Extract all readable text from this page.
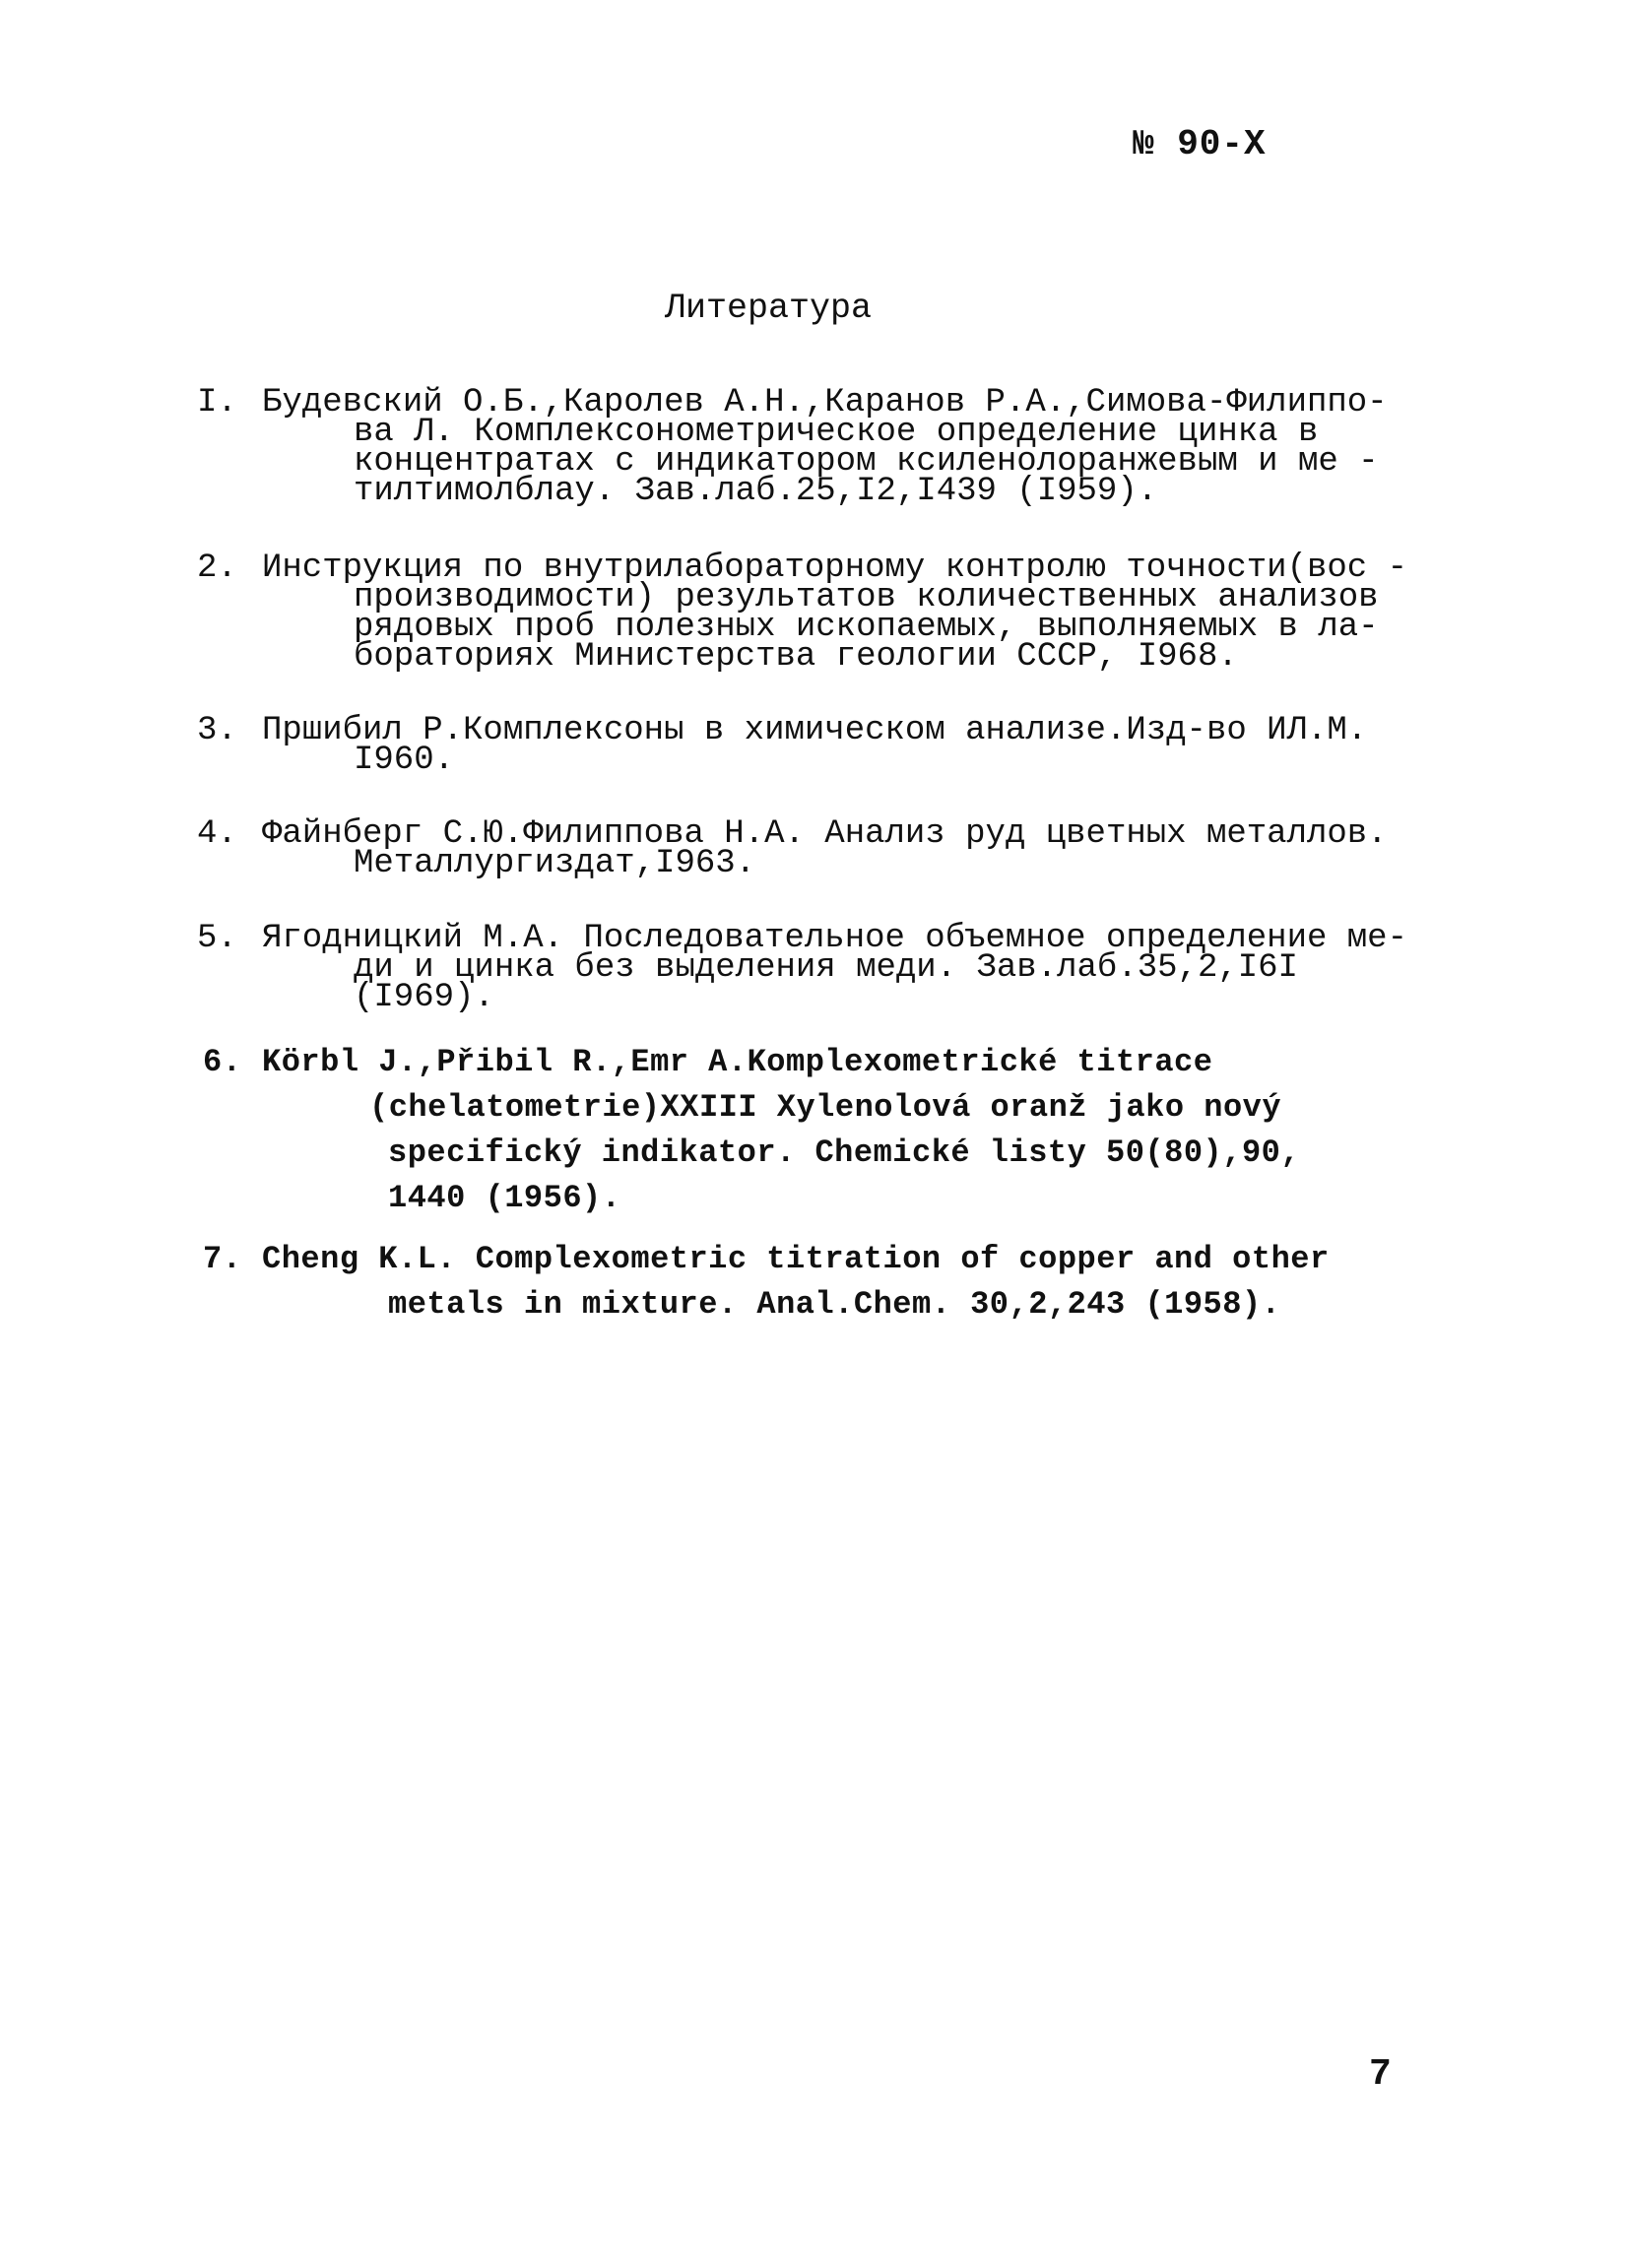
№ 90-Х
Литература
I. Будевский О.Б.,Каролев А.Н.,Каранов Р.А.,Симова-Филиппо-
ва Л. Комплексонометрическое определение цинка в
концентратах с индикатором ксиленолоранжевым и ме -
тилтимолблау. Зав.лаб.25,I2,I439 (I959).
2. Инструкция по внутрилабораторному контролю точности(вос -
производимости) результатов количественных анализов
рядовых проб полезных ископаемых, выполняемых в ла-
бораториях Министерства геологии СССР, I968.
3. Пршибил Р.Комплексоны в химическом анализе.Изд-во ИЛ.М.
I960.
4. Файнберг С.Ю.Филиппова Н.А. Анализ руд цветных металлов.
Металлургиздат,I963.
5. Ягодницкий М.А. Последовательное объемное определение ме-
ди и цинка без выделения меди. Зав.лаб.35,2,I6I
(I969).
6. Körbl J.,Přibil R.,Emr A.Komplexometrické titrace
(chelatometrie)XXIII Xylenolová oranž jako nový
specifický indikator. Chemické listy 50(80),90,
1440 (1956).
7. Cheng K.L. Complexometric titration of copper and other
metals in mixture. Anal.Chem. 30,2,243 (1958).
7
